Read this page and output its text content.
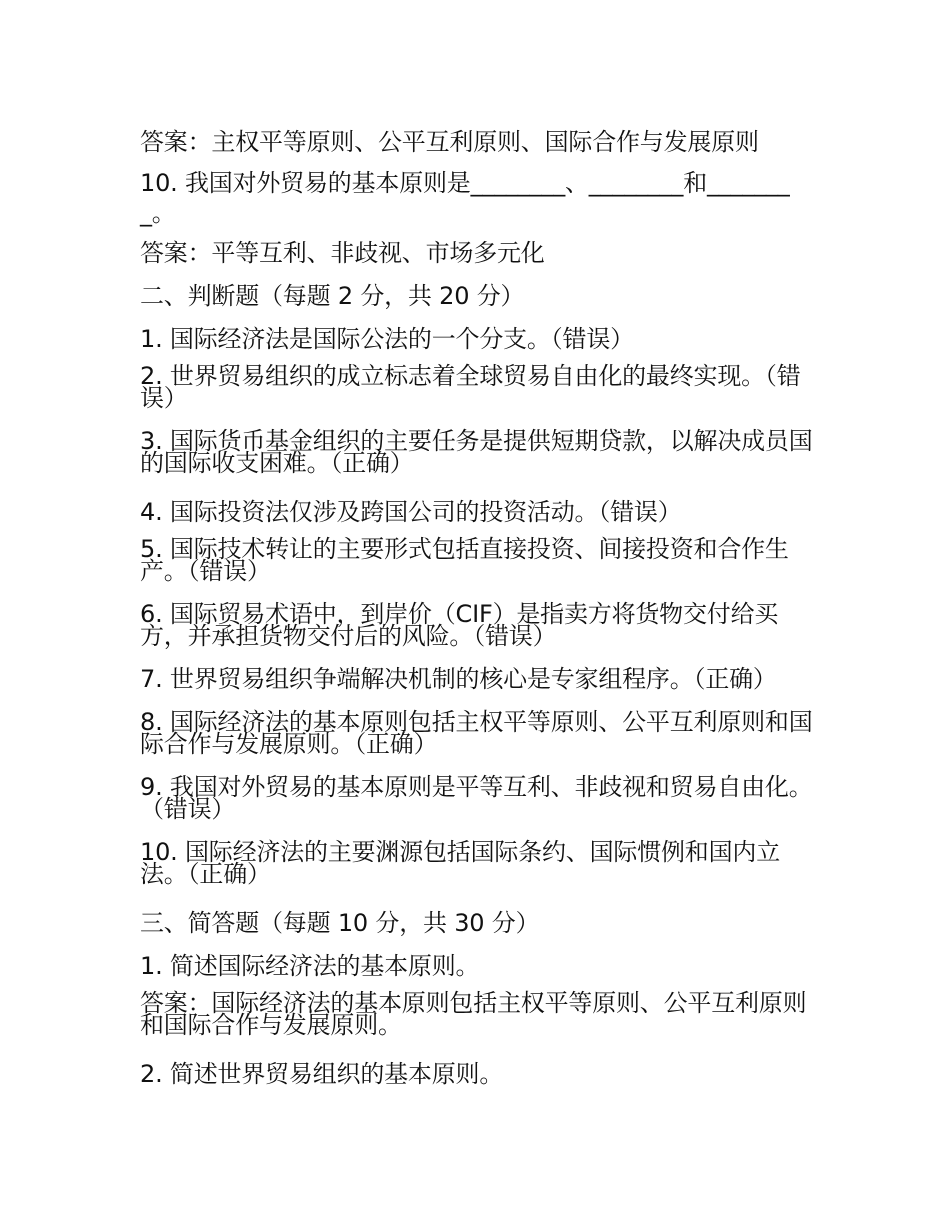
答案：主权平等原则、公平互利原则、国际合作与发展原则

10. 我国对外贸易的基本原则是________、________和________。

答案：平等互利、非歧视、市场多元化

二、判断题（每题 2 分，共 20 分）

1. 国际经济法是国际公法的一个分支。（错误）

2. 世界贸易组织的成立标志着全球贸易自由化的最终实现。（错误）

3. 国际货币基金组织的主要任务是提供短期贷款，以解决成员国的国际收支困难。（正确）

4. 国际投资法仅涉及跨国公司的投资活动。（错误）

5. 国际技术转让的主要形式包括直接投资、间接投资和合作生产。（错误）

6. 国际贸易术语中，到岸价（CIF）是指卖方将货物交付给买方，并承担货物交付后的风险。（错误）

7. 世界贸易组织争端解决机制的核心是专家组程序。（正确）

8. 国际经济法的基本原则包括主权平等原则、公平互利原则和国际合作与发展原则。（正确）

9. 我国对外贸易的基本原则是平等互利、非歧视和贸易自由化。（错误）

10. 国际经济法的主要渊源包括国际条约、国际惯例和国内立法。（正确）

三、简答题（每题 10 分，共 30 分）

1. 简述国际经济法的基本原则。

答案：国际经济法的基本原则包括主权平等原则、公平互利原则和国际合作与发展原则。

2. 简述世界贸易组织的基本原则。
